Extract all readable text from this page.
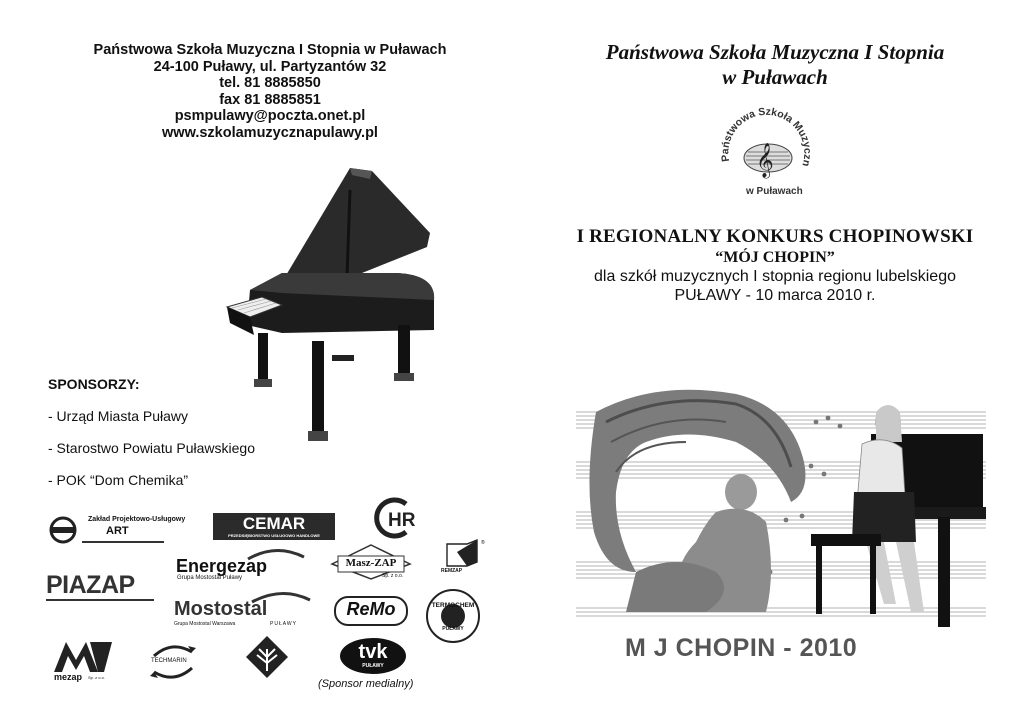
Państwowa Szkoła Muzyczna I Stopnia w Puławach
24-100 Puławy, ul. Partyzantów 32
tel. 81 8885850
fax 81 8885851
psmpulawy@poczta.onet.pl
www.szkolamuzycznapulawy.pl
SPONSORZY:
- Urząd Miasta Puławy
- Starostwo Powiatu Puławskiego
- POK “Dom Chemika”
Zakład Projektowo-Usługowy
ART	CEMAR
PRZEDSIĘBIORSTWO USŁUGOWO HANDLOWE
HR
Energezap
Grupa Mostostal Puławy
Masz-ZAP
Sp. z o.o.
®
REMZAP
PIAZAP
Mostostal
Grupa Mostostal Warszawa	PUŁAWY
ReMo	TERMOCHEM
PUŁAWY
mezap Sp. z o.o.
TECHMARIN	tvk
PUŁAWY
(Sponsor medialny)
Państwowa Szkoła Muzyczna I Stopnia
w Puławach
Państwowa Szkoła Muzyczn
w Puławach
𝄞
I REGIONALNY KONKURS CHOPINOWSKI
“MÓJ CHOPIN”
dla szkół muzycznych I stopnia regionu lubelskiego
PUŁAWY - 10 marca 2010 r.
M J CHOPIN - 2010
